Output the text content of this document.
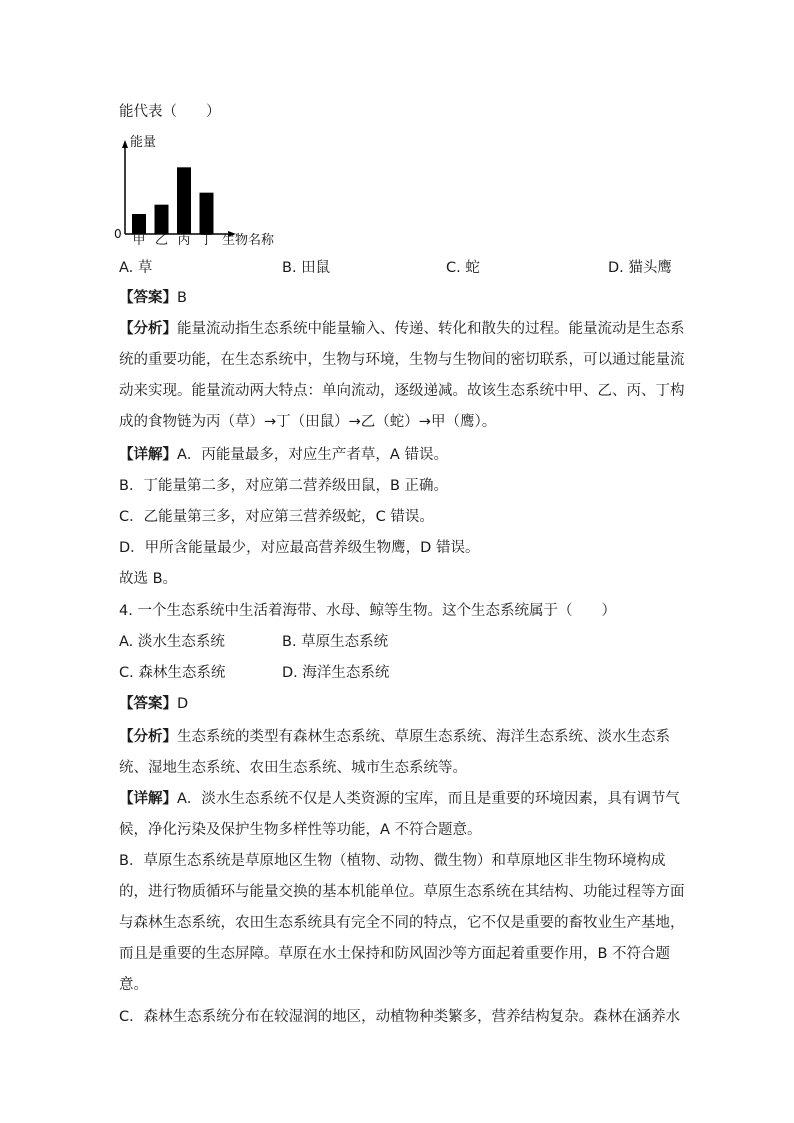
能代表（　　）
能量
0	生物名称
甲 乙 丙 丁
A. 草	B. 田鼠	C. 蛇	D. 猫头鹰
【答案】B
【分析】能量流动指生态系统中能量输入、传递、转化和散失的过程。能量流动是生态系
统的重要功能，在生态系统中，生物与环境，生物与生物间的密切联系，可以通过能量流
动来实现。能量流动两大特点：单向流动，逐级递减。故该生态系统中甲、乙、丙、丁构
成的食物链为丙（草）→丁（田鼠）→乙（蛇）→甲（鹰）。
【详解】A．丙能量最多，对应生产者草，A 错误。
B．丁能量第二多，对应第二营养级田鼠，B 正确。
C．乙能量第三多，对应第三营养级蛇，C 错误。
D．甲所含能量最少，对应最高营养级生物鹰，D 错误。
故选 B。
4. 一个生态系统中生活着海带、水母、鲸等生物。这个生态系统属于（　　）
A. 淡水生态系统	B. 草原生态系统
C. 森林生态系统	D. 海洋生态系统
【答案】D
【分析】生态系统的类型有森林生态系统、草原生态系统、海洋生态系统、淡水生态系
统、湿地生态系统、农田生态系统、城市生态系统等。
【详解】A．淡水生态系统不仅是人类资源的宝库，而且是重要的环境因素，具有调节气
候，净化污染及保护生物多样性等功能，A 不符合题意。
B．草原生态系统是草原地区生物（植物、动物、微生物）和草原地区非生物环境构成
的，进行物质循环与能量交换的基本机能单位。草原生态系统在其结构、功能过程等方面
与森林生态系统，农田生态系统具有完全不同的特点，它不仅是重要的畜牧业生产基地，
而且是重要的生态屏障。草原在水土保持和防风固沙等方面起着重要作用，B 不符合题
意。
C．森林生态系统分布在较湿润的地区，动植物种类繁多，营养结构复杂。森林在涵养水
